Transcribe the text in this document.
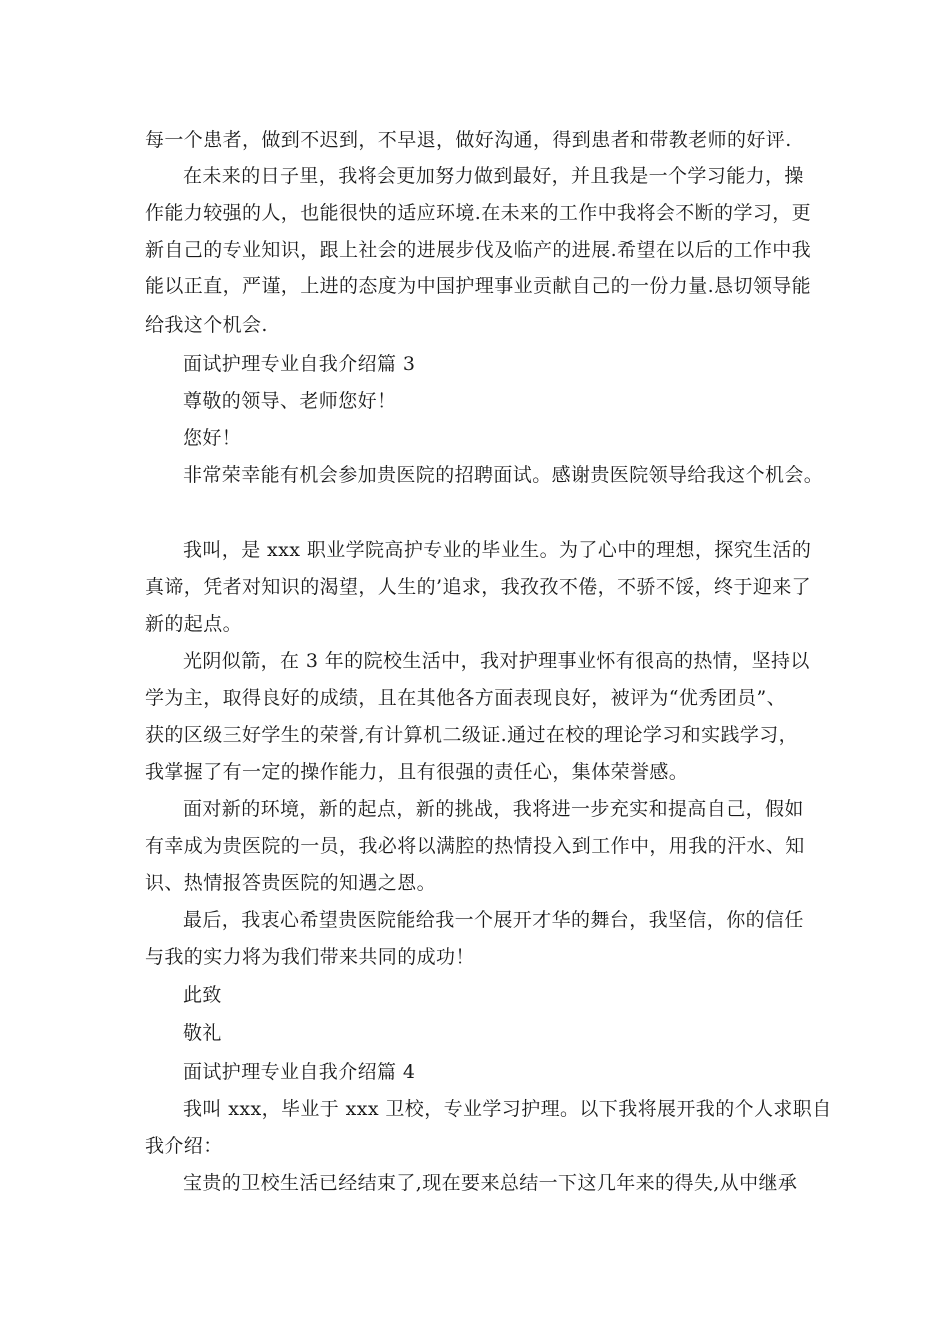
每一个患者，做到不迟到，不早退，做好沟通，得到患者和带教老师的好评.
在未来的日子里，我将会更加努力做到最好，并且我是一个学习能力，操
作能力较强的人，也能很快的适应环境.在未来的工作中我将会不断的学习，更
新自己的专业知识，跟上社会的进展步伐及临产的进展.希望在以后的工作中我
能以正直，严谨，上进的态度为中国护理事业贡献自己的一份力量.恳切领导能
给我这个机会.
面试护理专业自我介绍篇 3
尊敬的领导、老师您好！
您好！
非常荣幸能有机会参加贵医院的招聘面试。感谢贵医院领导给我这个机会。
我叫，是 xxx 职业学院高护专业的毕业生。为了心中的理想，探究生活的
真谛，凭者对知识的渴望，人生的’追求，我孜孜不倦，不骄不馁，终于迎来了
新的起点。
光阴似箭，在 3 年的院校生活中，我对护理事业怀有很高的热情，坚持以
学为主，取得良好的成绩，且在其他各方面表现良好，被评为“优秀团员”、
获的区级三好学生的荣誉,有计算机二级证.通过在校的理论学习和实践学习，
我掌握了有一定的操作能力，且有很强的责任心，集体荣誉感。
面对新的环境，新的起点，新的挑战，我将进一步充实和提高自己，假如
有幸成为贵医院的一员，我必将以满腔的热情投入到工作中，用我的汗水、知
识、热情报答贵医院的知遇之恩。
最后，我衷心希望贵医院能给我一个展开才华的舞台，我坚信，你的信任
与我的实力将为我们带来共同的成功！
此致
敬礼
面试护理专业自我介绍篇 4
我叫 xxx，毕业于 xxx 卫校，专业学习护理。以下我将展开我的个人求职自
我介绍：
宝贵的卫校生活已经结束了,现在要来总结一下这几年来的得失,从中继承
